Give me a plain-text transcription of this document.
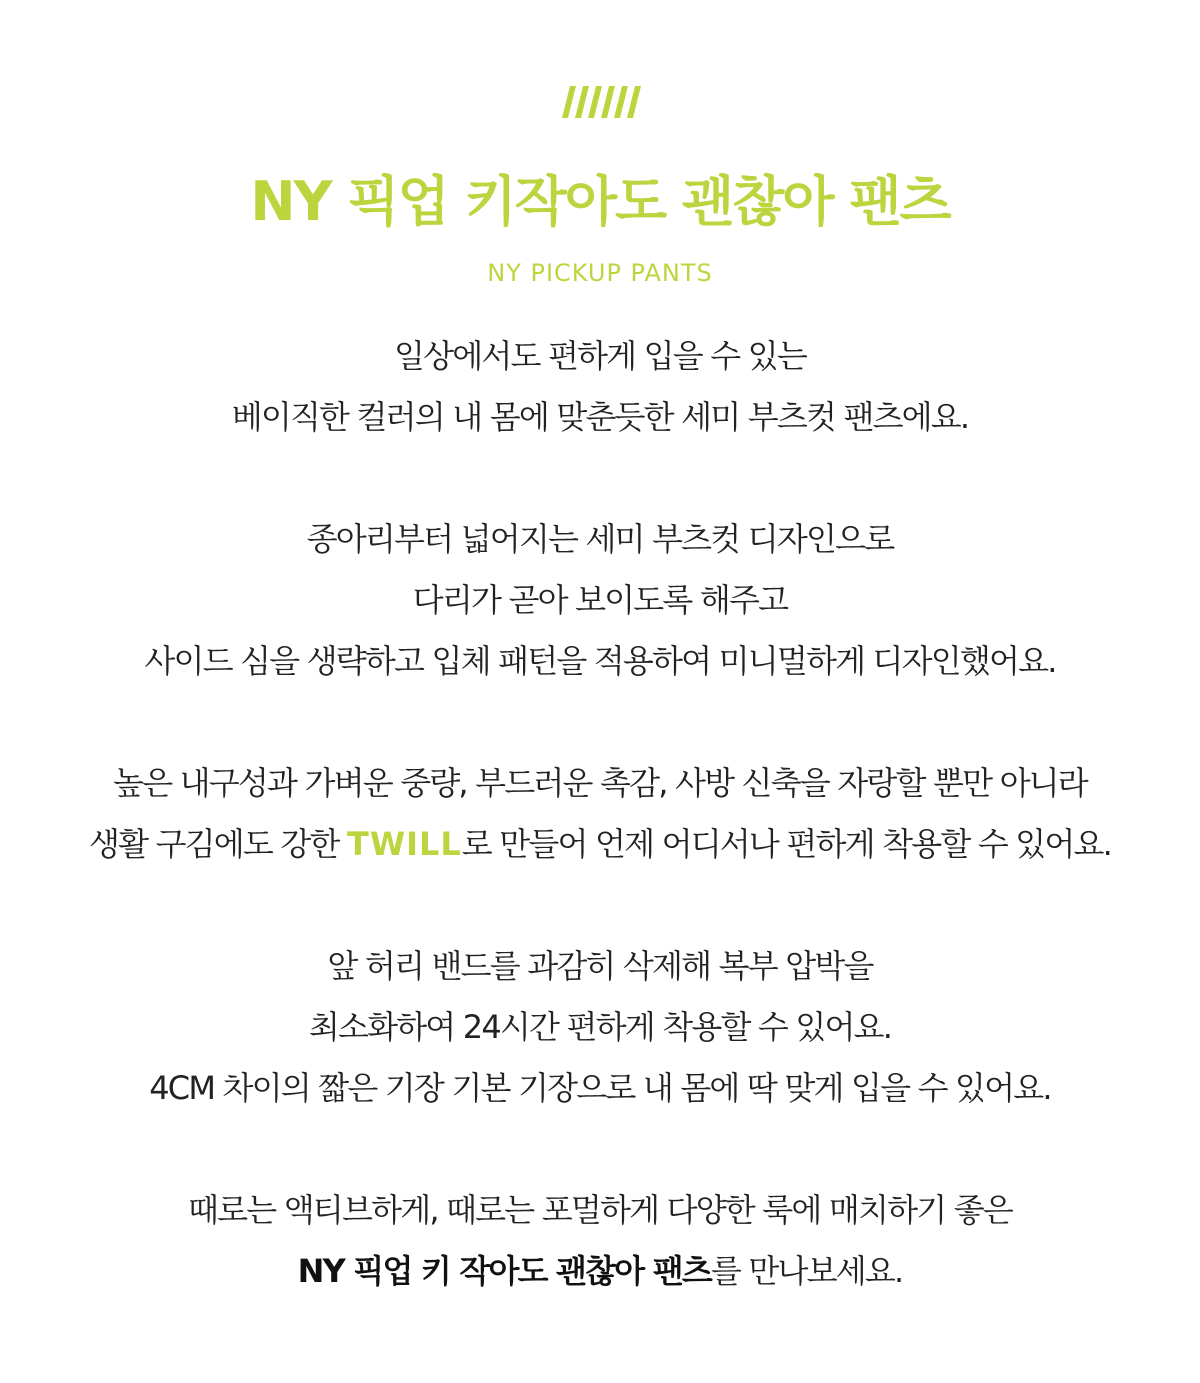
NY 픽업 키작아도 괜찮아 팬츠
NY PICKUP PANTS
일상에서도 편하게 입을 수 있는
베이직한 컬러의 내 몸에 맞춘듯한 세미 부츠컷 팬츠에요.
종아리부터 넓어지는 세미 부츠컷 디자인으로
다리가 곧아 보이도록 해주고
사이드 심을 생략하고 입체 패턴을 적용하여 미니멀하게 디자인했어요.
높은 내구성과 가벼운 중량, 부드러운 촉감, 사방 신축을 자랑할 뿐만 아니라
생활 구김에도 강한 TWILL로 만들어 언제 어디서나 편하게 착용할 수 있어요.
앞 허리 밴드를 과감히 삭제해 복부 압박을
최소화하여 24시간 편하게 착용할 수 있어요.
4CM 차이의 짧은 기장 기본 기장으로 내 몸에 딱 맞게 입을 수 있어요.
때로는 액티브하게, 때로는 포멀하게 다양한 룩에 매치하기 좋은
NY 픽업 키 작아도 괜찮아 팬츠를 만나보세요.
